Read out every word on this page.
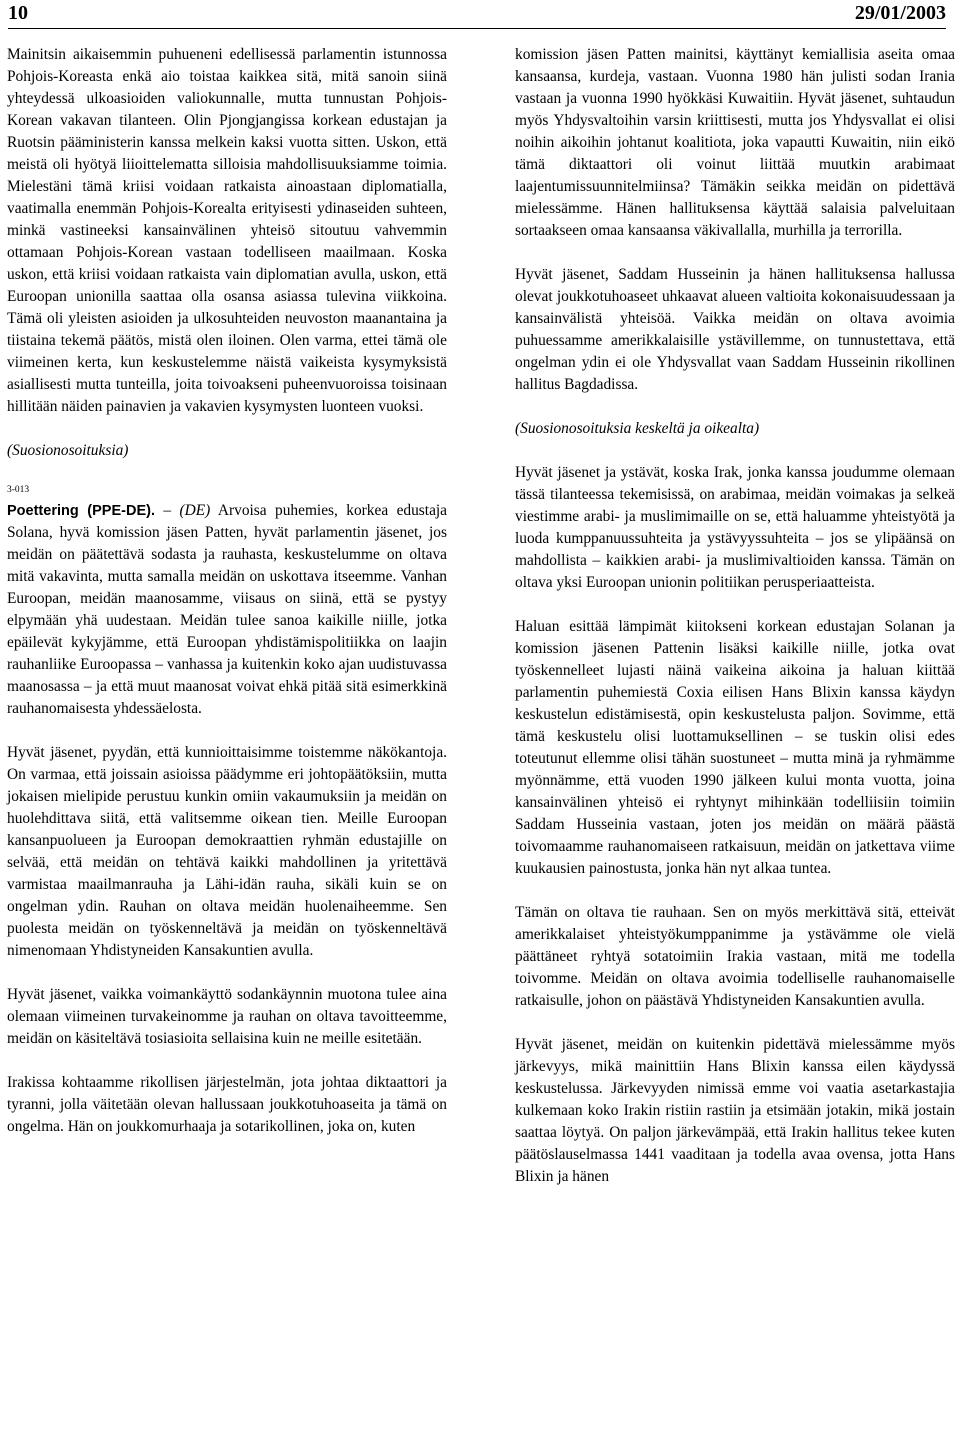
10	29/01/2003

Mainitsin aikaisemmin puhueneni edellisessä parlamentin istunnossa Pohjois-Koreasta enkä aio toistaa kaikkea sitä, mitä sanoin siinä yhteydessä ulkoasioiden valiokunnalle, mutta tunnustan Pohjois-Korean vakavan tilanteen. Olin Pjongjangissa korkean edustajan ja Ruotsin pääministerin kanssa melkein kaksi vuotta sitten. Uskon, että meistä oli hyötyä liioittelematta silloisia mahdollisuuksiamme toimia. Mielestäni tämä kriisi voidaan ratkaista ainoastaan diplomatialla, vaatimalla enemmän Pohjois-Korealta erityisesti ydinaseiden suhteen, minkä vastineeksi kansainvälinen yhteisö sitoutuu vahvemmin ottamaan Pohjois-Korean vastaan todelliseen maailmaan. Koska uskon, että kriisi voidaan ratkaista vain diplomatian avulla, uskon, että Euroopan unionilla saattaa olla osansa asiassa tulevina viikkoina. Tämä oli yleisten asioiden ja ulkosuhteiden neuvoston maanantaina ja tiistaina tekemä päätös, mistä olen iloinen. Olen varma, ettei tämä ole viimeinen kerta, kun keskustelemme näistä vaikeista kysymyksistä asiallisesti mutta tunteilla, joita toivoakseni puheenvuoroissa toisinaan hillitään näiden painavien ja vakavien kysymysten luonteen vuoksi.

(Suosionosoituksia)

3-013

Poettering (PPE-DE). – (DE) Arvoisa puhemies, korkea edustaja Solana, hyvä komission jäsen Patten, hyvät parlamentin jäsenet, jos meidän on päätettävä sodasta ja rauhasta, keskustelumme on oltava mitä vakavinta, mutta samalla meidän on uskottava itseemme. Vanhan Euroopan, meidän maanosamme, viisaus on siinä, että se pystyy elpymään yhä uudestaan. Meidän tulee sanoa kaikille niille, jotka epäilevät kykyjämme, että Euroopan yhdistämispolitiikka on laajin rauhanliike Euroopassa – vanhassa ja kuitenkin koko ajan uudistuvassa maanosassa – ja että muut maanosat voivat ehkä pitää sitä esimerkkinä rauhanomaisesta yhdessäelosta.

Hyvät jäsenet, pyydän, että kunnioittaisimme toistemme näkökantoja. On varmaa, että joissain asioissa päädymme eri johtopäätöksiin, mutta jokaisen mielipide perustuu kunkin omiin vakaumuksiin ja meidän on huolehdittava siitä, että valitsemme oikean tien. Meille Euroopan kansanpuolueen ja Euroopan demokraattien ryhmän edustajille on selvää, että meidän on tehtävä kaikki mahdollinen ja yritettävä varmistaa maailmanrauha ja Lähi-idän rauha, sikäli kuin se on ongelman ydin. Rauhan on oltava meidän huolenaiheemme. Sen puolesta meidän on työskenneltävä ja meidän on työskenneltävä nimenomaan Yhdistyneiden Kansakuntien avulla.

Hyvät jäsenet, vaikka voimankäyttö sodankäynnin muotona tulee aina olemaan viimeinen turvakeinomme ja rauhan on oltava tavoitteemme, meidän on käsiteltävä tosiasioita sellaisina kuin ne meille esitetään.

Irakissa kohtaamme rikollisen järjestelmän, jota johtaa diktaattori ja tyranni, jolla väitetään olevan hallussaan joukkotuhoaseita ja tämä on ongelma. Hän on joukkomurhaaja ja sotarikollinen, joka on, kuten

komission jäsen Patten mainitsi, käyttänyt kemiallisia aseita omaa kansaansa, kurdeja, vastaan. Vuonna 1980 hän julisti sodan Irania vastaan ja vuonna 1990 hyökkäsi Kuwaitiin. Hyvät jäsenet, suhtaudun myös Yhdysvaltoihin varsin kriittisesti, mutta jos Yhdysvallat ei olisi noihin aikoihin johtanut koalitiota, joka vapautti Kuwaitin, niin eikö tämä diktaattori oli voinut liittää muutkin arabimaat laajentumissuunnitelmiinsa? Tämäkin seikka meidän on pidettävä mielessämme. Hänen hallituksensa käyttää salaisia palveluitaan sortaakseen omaa kansaansa väkivallalla, murhilla ja terrorilla.

Hyvät jäsenet, Saddam Husseinin ja hänen hallituksensa hallussa olevat joukkotuhoaseet uhkaavat alueen valtioita kokonaisuudessaan ja kansainvälistä yhteisöä. Vaikka meidän on oltava avoimia puhuessamme amerikkalaisille ystävillemme, on tunnustettava, että ongelman ydin ei ole Yhdysvallat vaan Saddam Husseinin rikollinen hallitus Bagdadissa.

(Suosionosoituksia keskeltä ja oikealta)

Hyvät jäsenet ja ystävät, koska Irak, jonka kanssa joudumme olemaan tässä tilanteessa tekemisissä, on arabimaa, meidän voimakas ja selkeä viestimme arabi- ja muslimimaille on se, että haluamme yhteistyötä ja luoda kumppanuussuhteita ja ystävyyssuhteita – jos se ylipäänsä on mahdollista – kaikkien arabi- ja muslimivaltioiden kanssa. Tämän on oltava yksi Euroopan unionin politiikan perusperiaatteista.

Haluan esittää lämpimät kiitokseni korkean edustajan Solanan ja komission jäsenen Pattenin lisäksi kaikille niille, jotka ovat työskennelleet lujasti näinä vaikeina aikoina ja haluan kiittää parlamentin puhemiestä Coxia eilisen Hans Blixin kanssa käydyn keskustelun edistämisestä, opin keskustelusta paljon. Sovimme, että tämä keskustelu olisi luottamuksellinen – se tuskin olisi edes toteutunut ellemme olisi tähän suostuneet – mutta minä ja ryhmämme myönnämme, että vuoden 1990 jälkeen kului monta vuotta, joina kansainvälinen yhteisö ei ryhtynyt mihinkään todelliisiin toimiin Saddam Husseinia vastaan, joten jos meidän on määrä päästä toivomaamme rauhanomaiseen ratkaisuun, meidän on jatkettava viime kuukausien painostusta, jonka hän nyt alkaa tuntea.

Tämän on oltava tie rauhaan. Sen on myös merkittävä sitä, etteivät amerikkalaiset yhteistyökumppanimme ja ystävämme ole vielä päättäneet ryhtyä sotatoimiin Irakia vastaan, mitä me todella toivomme. Meidän on oltava avoimia todelliselle rauhanomaiselle ratkaisulle, johon on päästävä Yhdistyneiden Kansakuntien avulla.

Hyvät jäsenet, meidän on kuitenkin pidettävä mielessämme myös järkevyys, mikä mainittiin Hans Blixin kanssa eilen käydyssä keskustelussa. Järkevyyden nimissä emme voi vaatia asetarkastajia kulkemaan koko Irakin ristiin rastiin ja etsimään jotakin, mikä jostain saattaa löytyä. On paljon järkevämpää, että Irakin hallitus tekee kuten päätöslauselmassa 1441 vaaditaan ja todella avaa ovensa, jotta Hans Blixin ja hänen
